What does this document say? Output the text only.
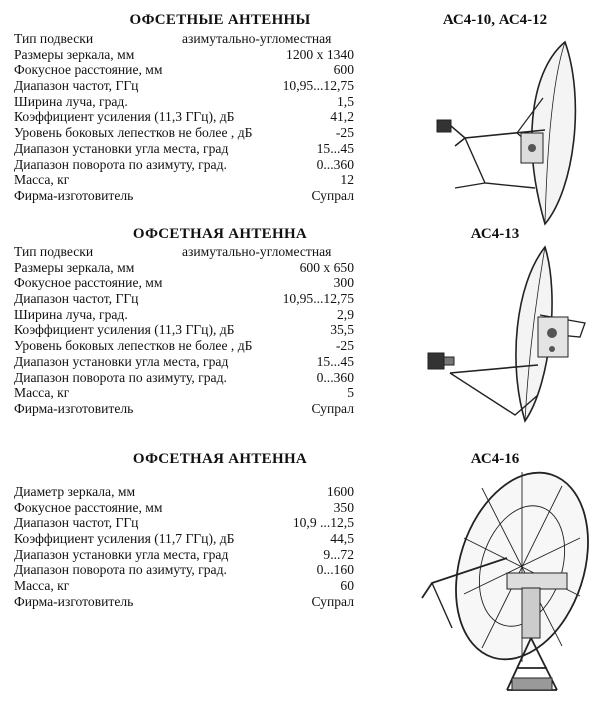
ОФСЕТНЫЕ АНТЕННЫ	АС4-10, АС4-12
Тип подвески	азимутально-угломестная
Размеры зеркала, мм	1200 х 1340
Фокусное расстояние, мм	600
Диапазон частот, ГГц	10,95...12,75
Ширина луча, град.	1,5
Коэффициент усиления (11,3 ГГц), дБ	41,2
Уровень боковых лепестков не более , дБ	-25
Диапазон установки угла места, град	15...45
Диапазон поворота по азимуту, град.	0...360
Масса, кг	12
Фирма-изготовитель	Супрал
ОФСЕТНАЯ АНТЕННА	АС4-13
Тип подвески	азимутально-угломестная
Размеры зеркала, мм	600 х 650
Фокусное расстояние, мм	300
Диапазон частот, ГГц	10,95...12,75
Ширина луча, град.	2,9
Коэффициент усиления (11,3 ГГц), дБ	35,5
Уровень боковых лепестков не более , дБ	-25
Диапазон установки угла места, град	15...45
Диапазон поворота по азимуту, град.	0...360
Масса, кг	5
Фирма-изготовитель	Супрал
ОФСЕТНАЯ АНТЕННА	АС4-16
Диаметр зеркала, мм	1600
Фокусное расстояние, мм	350
Диапазон частот, ГГц	10,9 ...12,5
Коэффициент усиления (11,7 ГГц), дБ	44,5
Диапазон установки угла места, град	9...72
Диапазон поворота по азимуту, град.	0...160
Масса, кг	60
Фирма-изготовитель	Супрал
